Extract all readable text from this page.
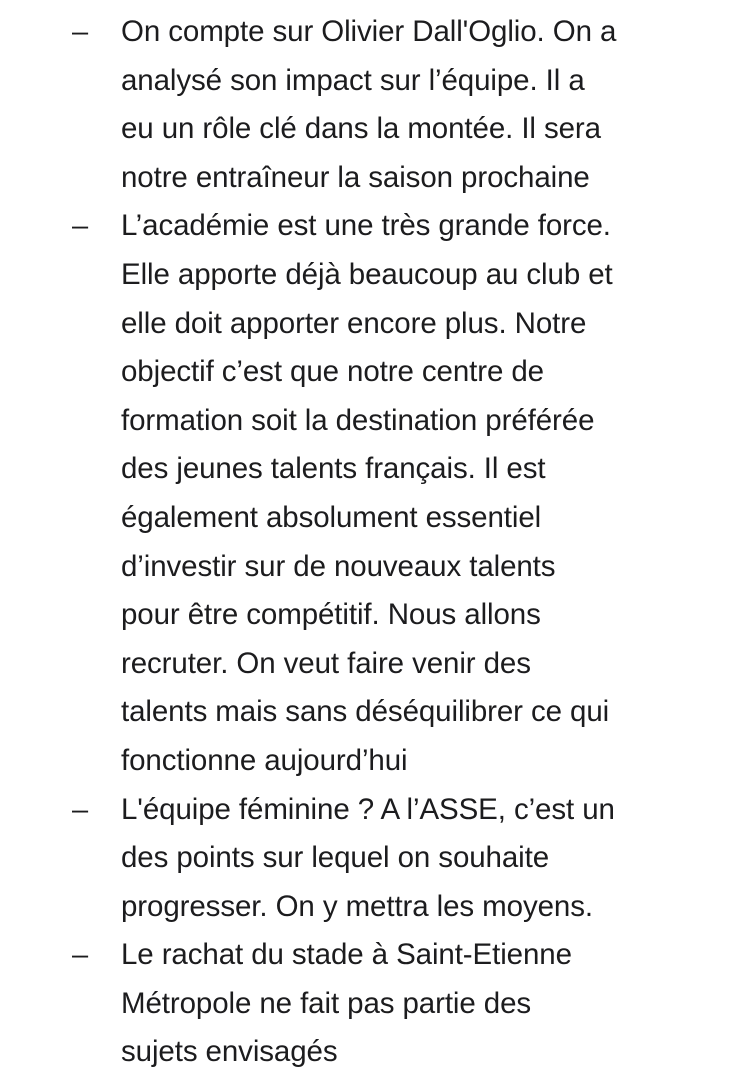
– On compte sur Olivier Dall'Oglio. On a
analysé son impact sur l’équipe. Il a
eu un rôle clé dans la montée. Il sera
notre entraîneur la saison prochaine
– L’académie est une très grande force.
Elle apporte déjà beaucoup au club et
elle doit apporter encore plus. Notre
objectif c’est que notre centre de
formation soit la destination préférée
des jeunes talents français. Il est
également absolument essentiel
d’investir sur de nouveaux talents
pour être compétitif. Nous allons
recruter. On veut faire venir des
talents mais sans déséquilibrer ce qui
fonctionne aujourd’hui
– L'équipe féminine ? A l’ASSE, c’est un
des points sur lequel on souhaite
progresser. On y mettra les moyens.
– Le rachat du stade à Saint-Etienne
Métropole ne fait pas partie des
sujets envisagés
